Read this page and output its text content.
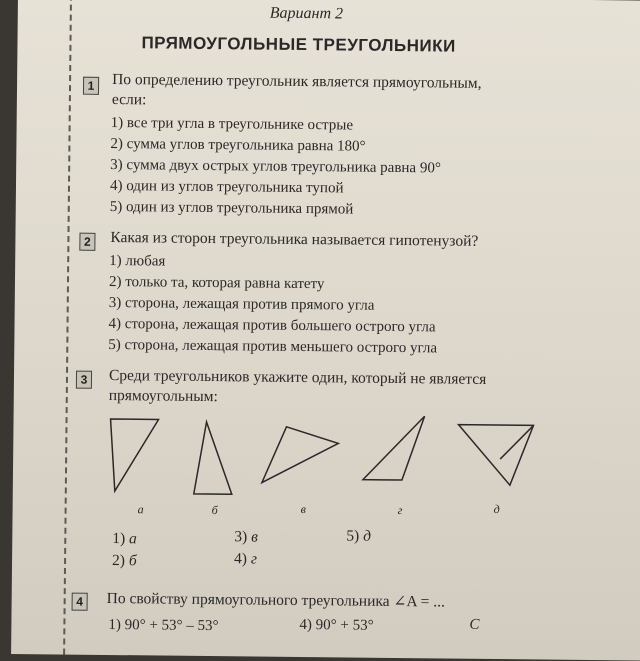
Вариант 2
ПРЯМОУГОЛЬНЫЕ ТРЕУГОЛЬНИКИ
1	По определению треугольник является прямоугольным,
если:
1) все три угла в треугольнике острые
2) сумма углов треугольника равна 180°
3) сумма двух острых углов треугольника равна 90°
4) один из углов треугольника тупой
5) один из углов треугольника прямой
2	Какая из сторон треугольника называется гипотенузой?
1) любая
2) только та, которая равна катету
3) сторона, лежащая против прямого угла
4) сторона, лежащая против большего острого угла
5) сторона, лежащая против меньшего острого угла
3	Среди треугольников укажите один, который не является
прямоугольным:
а	б	в	г	д
1) а
2) б
3) в
4) г
5) д
4	По свойству прямоугольного треугольника ∠A = ...
1) 90° + 53° – 53°	4) 90° + 53°	C
